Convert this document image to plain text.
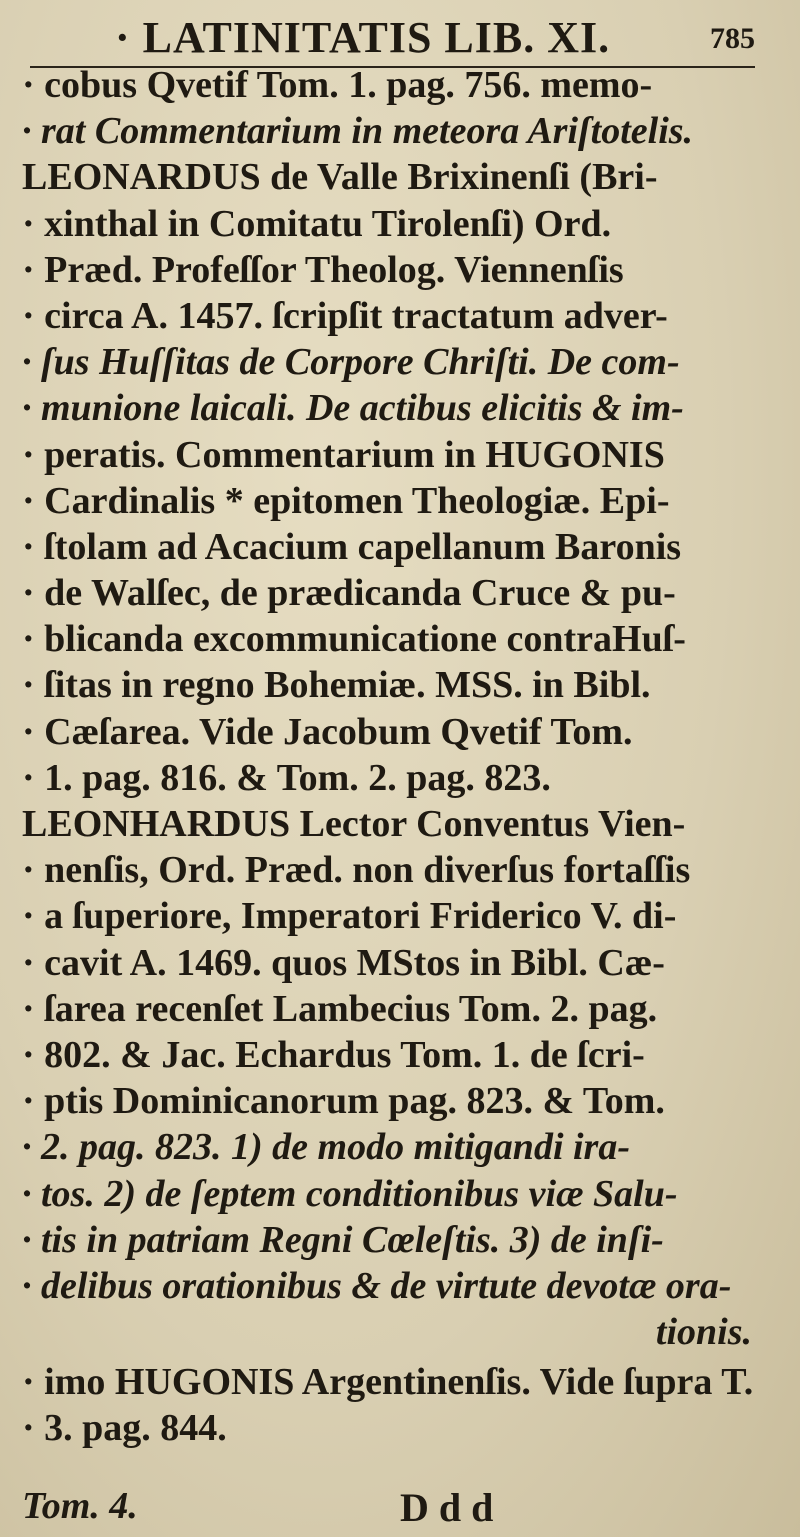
· LATINITATIS LIB. XI.	785
· cobus Qvetif Tom. 1. pag. 756. memo-
· rat Commentarium in meteora Ariſtotelis.
LEONARDUS de Valle Brixinenſi (Bri-
· xinthal in Comitatu Tirolenſi) Ord.
· Præd. Profeſſor Theolog. Viennenſis
· circa A. 1457. ſcripſit tractatum adver-
· ſus Huſſitas de Corpore Chriſti. De com-
· munione laicali. De actibus elicitis & im-
· peratis. Commentarium in HUGONIS
· Cardinalis * epitomen Theologiæ. Epi-
· ſtolam ad Acacium capellanum Baronis
· de Walſec, de prædicanda Cruce & pu-
· blicanda excommunicatione contraHuſ-
· ſitas in regno Bohemiæ. MSS. in Bibl.
· Cæſarea. Vide Jacobum Qvetif Tom.
· 1. pag. 816. & Tom. 2. pag. 823.
LEONHARDUS Lector Conventus Vien-
· nenſis, Ord. Præd. non diverſus fortaſſis
· a ſuperiore, Imperatori Friderico V. di-
· cavit A. 1469. quos MStos in Bibl. Cæ-
· ſarea recenſet Lambecius Tom. 2. pag.
· 802. & Jac. Echardus Tom. 1. de ſcri-
· ptis Dominicanorum pag. 823. & Tom.
· 2. pag. 823. 1) de modo mitigandi ira-
· tos. 2) de ſeptem conditionibus viæ Salu-
· tis in patriam Regni Cœleſtis. 3) de inſi-
· delibus orationibus & de virtute devotæ ora-
tionis.
· imo HUGONIS Argentinenſis. Vide ſupra T.
· 3. pag. 844.
Tom. 4.	D d d
